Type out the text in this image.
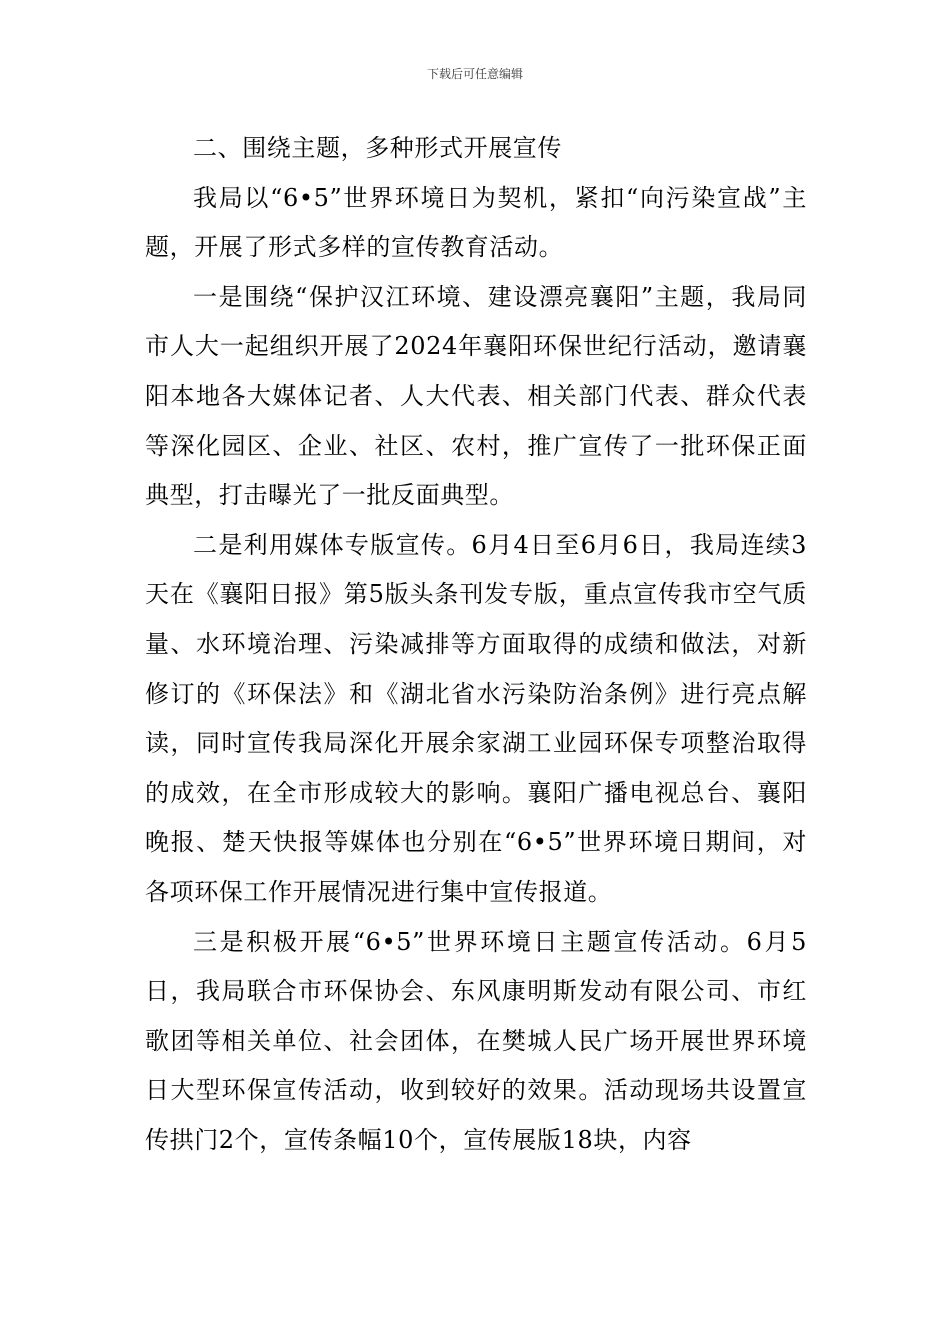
下载后可任意编辑

二、围绕主题，多种形式开展宣传

我局以“6•5”世界环境日为契机，紧扣“向污染宣战”主题，开展了形式多样的宣传教育活动。

一是围绕“保护汉江环境、建设漂亮襄阳”主题，我局同市人大一起组织开展了2024年襄阳环保世纪行活动，邀请襄阳本地各大媒体记者、人大代表、相关部门代表、群众代表等深化园区、企业、社区、农村，推广宣传了一批环保正面典型，打击曝光了一批反面典型。

二是利用媒体专版宣传。6月4日至6月6日，我局连续3天在《襄阳日报》第5版头条刊发专版，重点宣传我市空气质量、水环境治理、污染减排等方面取得的成绩和做法，对新修订的《环保法》和《湖北省水污染防治条例》进行亮点解读，同时宣传我局深化开展余家湖工业园环保专项整治取得的成效，在全市形成较大的影响。襄阳广播电视总台、襄阳晚报、楚天快报等媒体也分别在“6•5”世界环境日期间，对各项环保工作开展情况进行集中宣传报道。

三是积极开展“6•5”世界环境日主题宣传活动。6月5日，我局联合市环保协会、东风康明斯发动有限公司、市红歌团等相关单位、社会团体，在樊城人民广场开展世界环境日大型环保宣传活动，收到较好的效果。活动现场共设置宣传拱门2个，宣传条幅10个，宣传展版18块，内容
